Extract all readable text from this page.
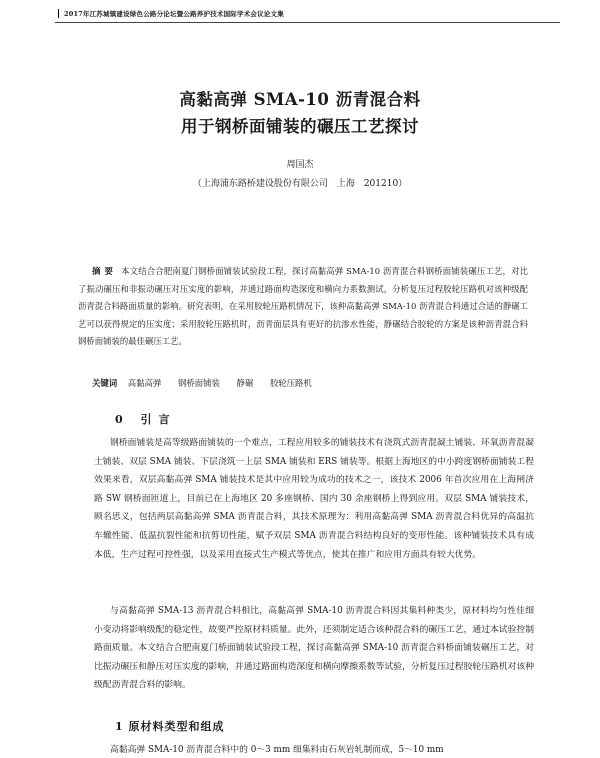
2017年江苏城镇建设绿色公路分论坛暨公路养护技术国际学术会议论文集
高黏高弹 SMA-10 沥青混合料
用于钢桥面铺装的碾压工艺探讨
周国杰
（上海浦东路桥建设股份有限公司　上海　201210）
摘要 本文结合合肥南夏门钢桥面铺装试验段工程，探讨高黏高弹 SMA-10 沥青混合料钢桥面铺装碾压工艺，对比了振动碾压和非振动碾压对压实度的影响，并通过路面构造深度和横向力系数测试，分析复压过程胶轮压路机对该种级配沥青混合料路面质量的影响。研究表明，在采用胶轮压路机情况下，该种高黏高弹 SMA-10 沥青混合料通过合适的静碾工艺可以获得规定的压实度；采用胶轮压路机时，沥青面层具有更好的抗渗水性能，静碾结合胶轮的方案是该种沥青混合料钢桥面铺装的最佳碾压工艺。
关键词 高黏高弹 钢桥面铺装 静碾 胶轮压路机
0 引言
钢桥面铺装是高等级路面铺装的一个难点，工程应用较多的铺装技术有浇筑式沥青混凝土铺装、环氧沥青混凝土铺装、双层 SMA 铺装、下层浇筑一上层 SMA 铺装和 ERS 铺装等。根据上海地区的中小跨度钢桥面铺装工程效果来看，双层高黏高弹 SMA 铺装技术是其中应用较为成功的技术之一，该技术 2006 年首次应用在上海闸济路 SW 钢桥面匝道上，目前已在上海地区 20 多座钢桥、国内 30 余座钢桥上得到应用。双层 SMA 铺装技术，顾名思义，包括两层高黏高弹 SMA 沥青混合料，其技术原理为：利用高黏高弹 SMA 沥青混合料优异的高温抗车辙性能、低温抗裂性能和抗剪切性能，赋予双层 SMA 沥青混合料结构良好的变形性能。该种铺装技术具有成本低，生产过程可控性强，以及采用直接式生产模式等优点，使其在推广和应用方面具有较大优势。
与高黏高弹 SMA-13 沥青混合料相比，高黏高弹 SMA-10 沥青混合料因其集料种类少，原材料均匀性佳细小变动将影响级配的稳定性，故要严控原材料质量。此外，还须制定适合该种混合料的碾压工艺，通过本试验控制路面质量。本文结合合肥南夏门桥面铺装试验段工程，探讨高黏高弹 SMA-10 沥青混合料桥面铺装碾压工艺，对比振动碾压和静压对压实度的影响，并通过路面构造深度和横向摩擦系数等试验，分析复压过程胶轮压路机对该种级配沥青混合料的影响。
1 原材料类型和组成
高黏高弹 SMA-10 沥青混合料中的 0～3 mm 细集料由石灰岩轧制而成，5～10 mm
